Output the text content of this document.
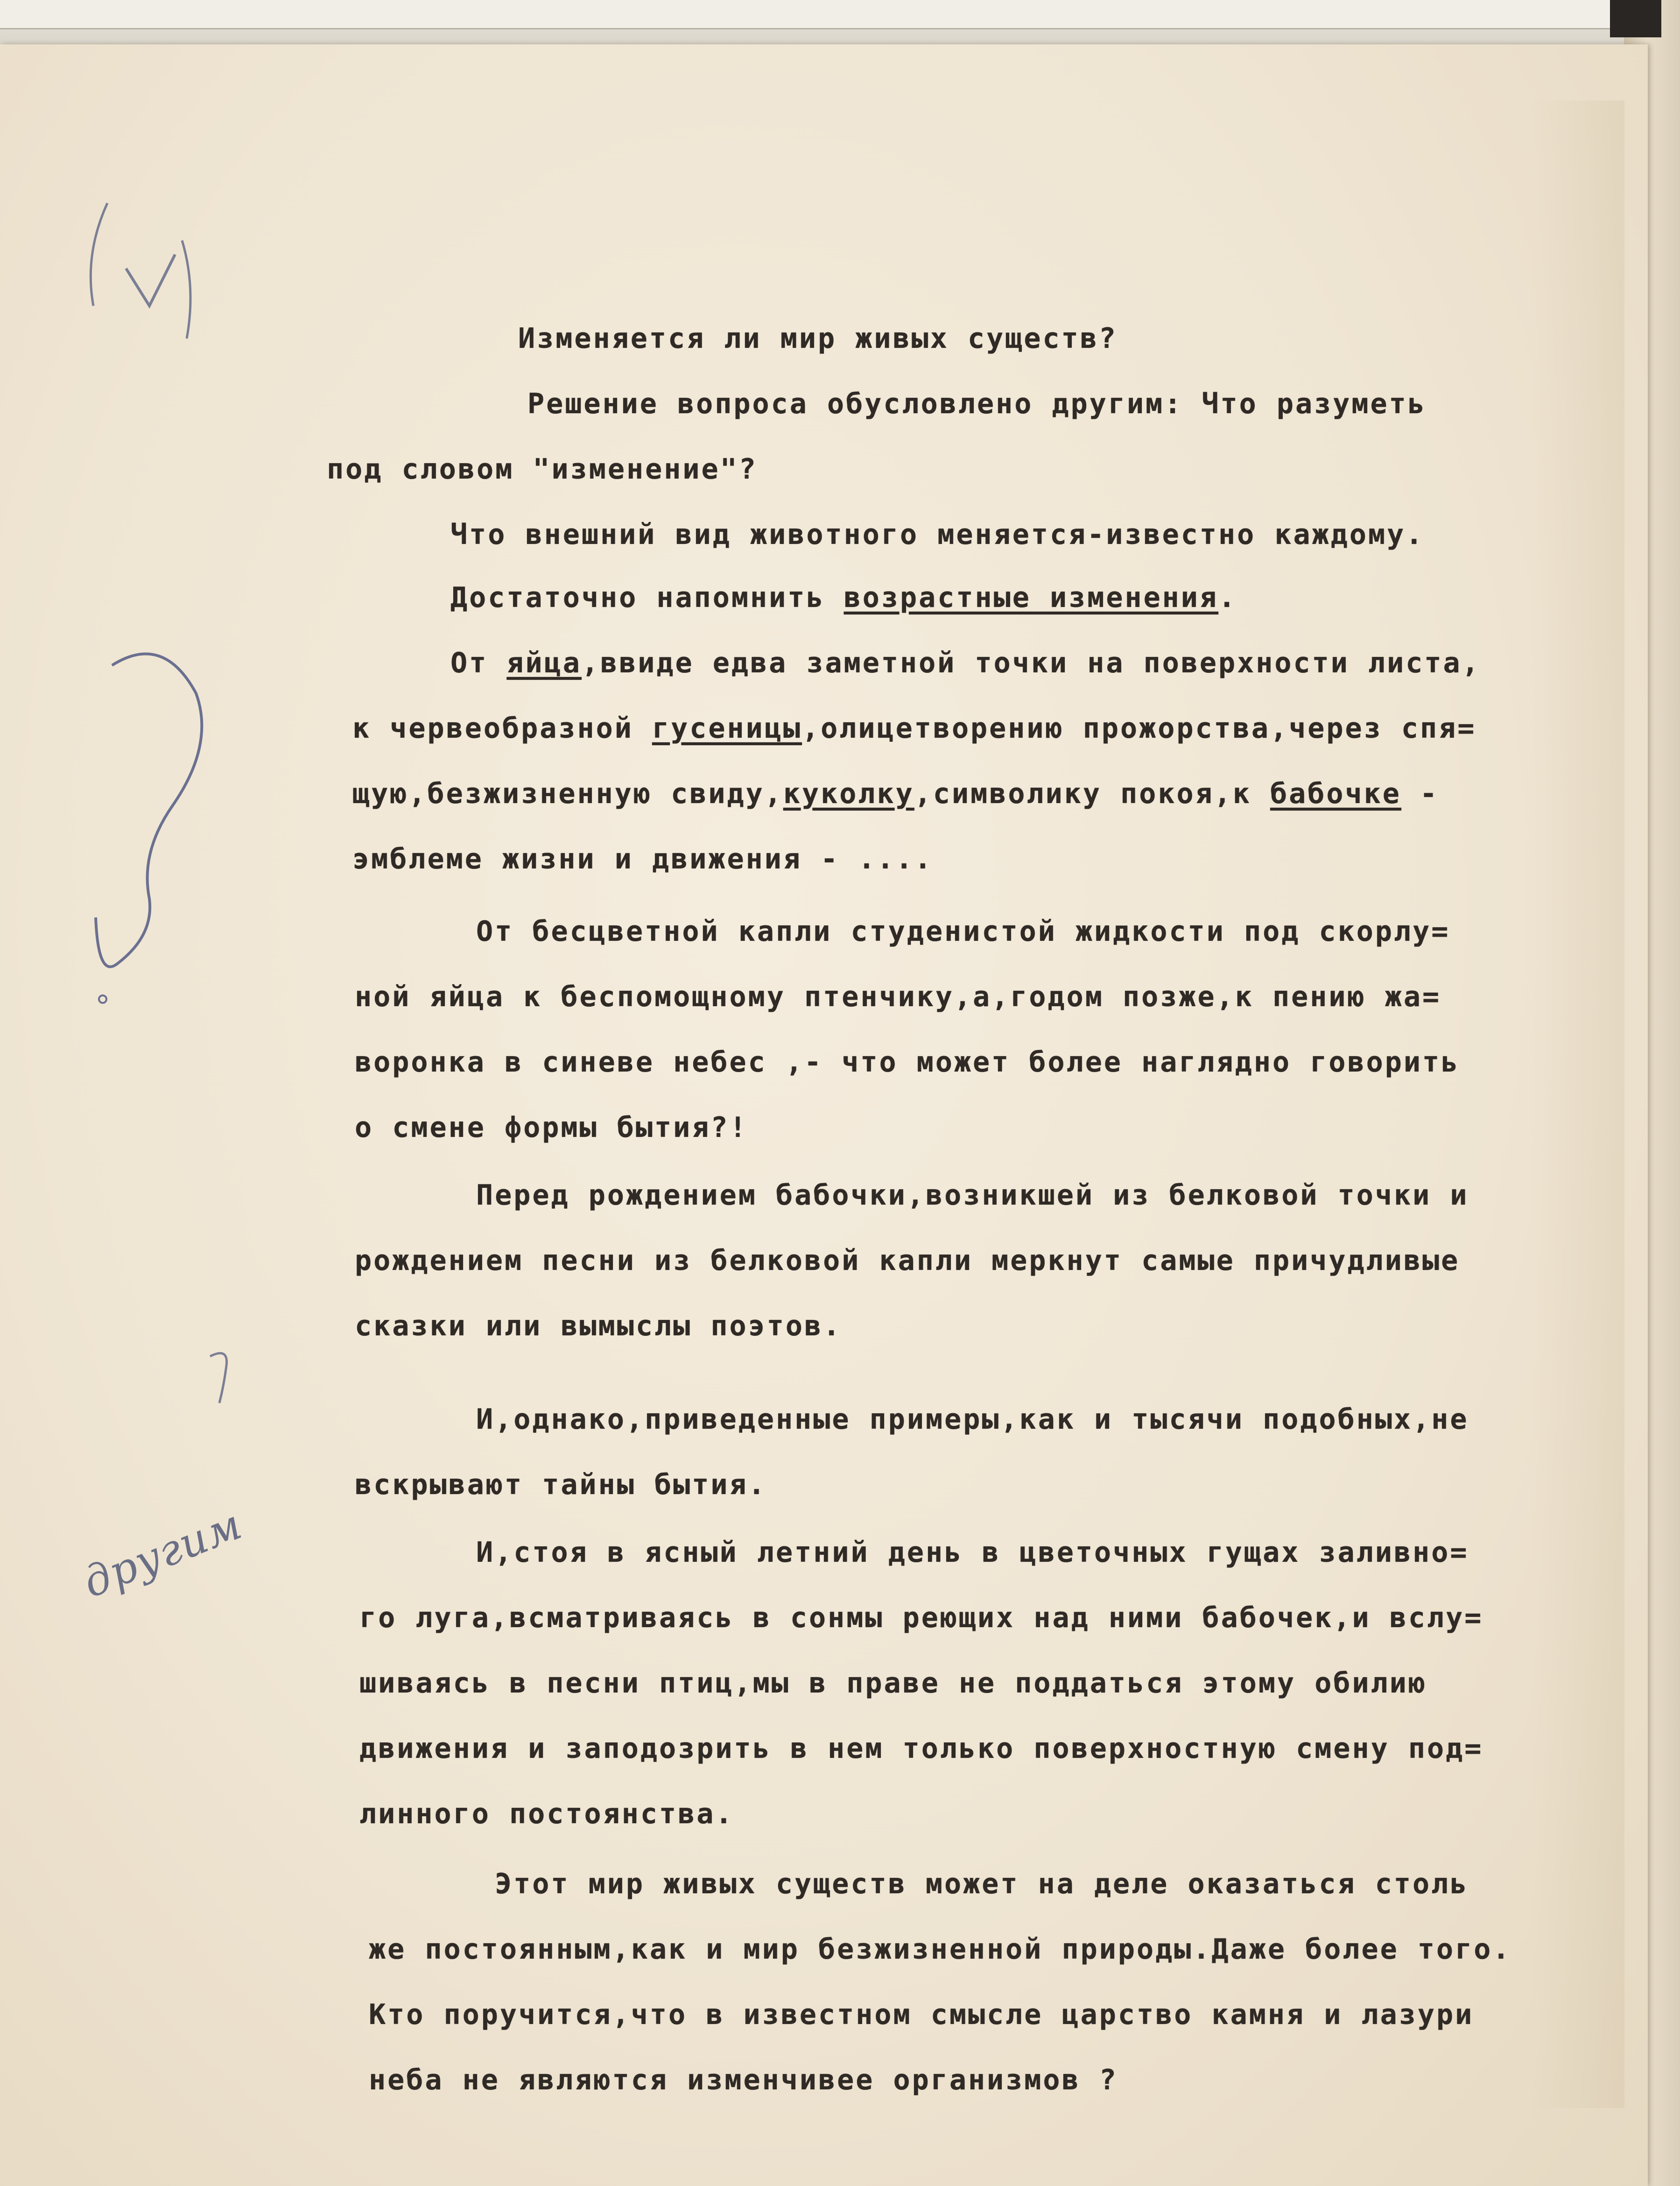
другим
Изменяется ли мир живых существ?
Решение вопроса обусловлено другим: Что разуметь
под словом "изменение"?
Что внешний вид животного меняется-известно каждому.
Достаточно напомнить возрастные изменения.
От яйца,ввиде едва заметной точки на поверхности листа,
к червеобразной гусеницы,олицетворению прожорства,через спя=
щую,безжизненную свиду,куколку,символику покоя,к бабочке -
эмблеме жизни и движения - ....
От бесцветной капли студенистой жидкости под скорлу=
ной яйца к беспомощному птенчику,а,годом позже,к пению жа=
воронка в синеве небес ,- что может более наглядно говорить
о смене формы бытия?!
Перед рождением бабочки,возникшей из белковой точки и
рождением песни из белковой капли меркнут самые причудливые
сказки или вымыслы поэтов.
И,однако,приведенные примеры,как и тысячи подобных,не
вскрывают тайны бытия.
И,стоя в ясный летний день в цветочных гущах заливно=
го луга,всматриваясь в сонмы реющих над ними бабочек,и вслу=
шиваясь в песни птиц,мы в праве не поддаться этому обилию
движения и заподозрить в нем только поверхностную смену под=
линного постоянства.
Этот мир живых существ может на деле оказаться столь
же постоянным,как и мир безжизненной природы.Даже более того.
Кто поручится,что в известном смысле царство камня и лазури
неба не являются изменчивее организмов ?
